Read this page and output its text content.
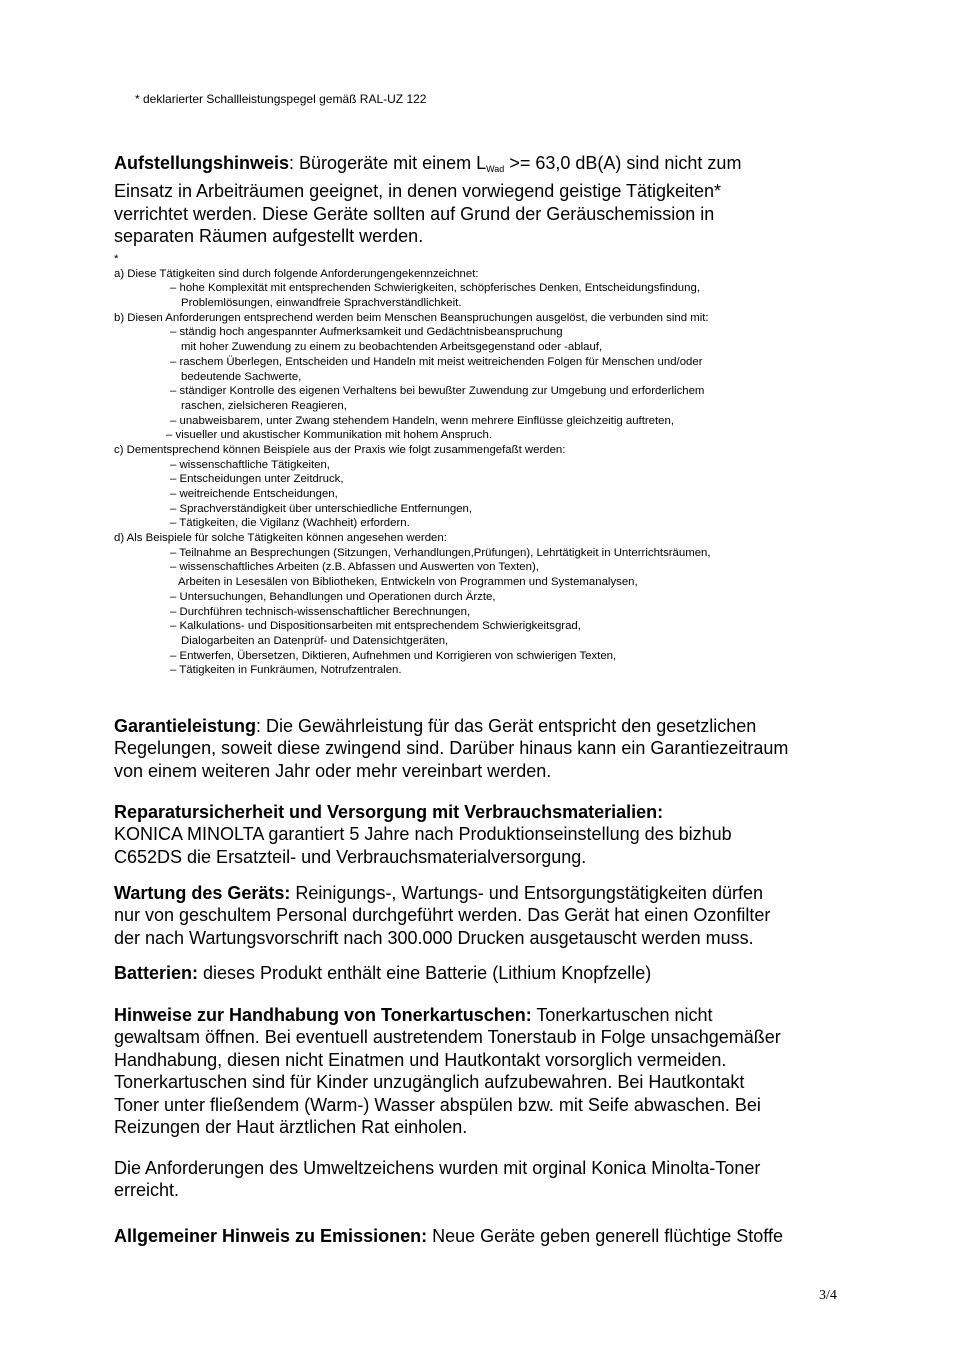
* deklarierter Schallleistungspegel gemäß RAL-UZ 122
Aufstellungshinweis: Bürogeräte mit einem $L_{Wad} >= 63,0$ dB(A) sind nicht zum
Einsatz in Arbeiträumen geeignet, in denen vorwiegend geistige Tätigkeiten*
verrichtet werden. Diese Geräte sollten auf Grund der Geräuschemission in
separaten Räumen aufgestellt werden.
*
a) Diese Tätigkeiten sind durch folgende Anforderungengekennzeichnet:
– hohe Komplexität mit entsprechenden Schwierigkeiten, schöpferisches Denken, Entscheidungsfindung,
Problemlösungen, einwandfreie Sprachverständlichkeit.
b) Diesen Anforderungen entsprechend werden beim Menschen Beanspruchungen ausgelöst, die verbunden sind mit:
– ständig hoch angespannter Aufmerksamkeit und Gedächtnisbeanspruchung
mit hoher Zuwendung zu einem zu beobachtenden Arbeitsgegenstand oder -ablauf,
– raschem Überlegen, Entscheiden und Handeln mit meist weitreichenden Folgen für Menschen und/oder
bedeutende Sachwerte,
– ständiger Kontrolle des eigenen Verhaltens bei bewußter Zuwendung zur Umgebung und erforderlichem
raschen, zielsicheren Reagieren,
– unabweisbarem, unter Zwang stehendem Handeln, wenn mehrere Einflüsse gleichzeitig auftreten,
– visueller und akustischer Kommunikation mit hohem Anspruch.
c) Dementsprechend können Beispiele aus der Praxis wie folgt zusammengefaßt werden:
– wissenschaftliche Tätigkeiten,
– Entscheidungen unter Zeitdruck,
– weitreichende Entscheidungen,
– Sprachverständigkeit über unterschiedliche Entfernungen,
– Tätigkeiten, die Vigilanz (Wachheit) erfordern.
d) Als Beispiele für solche Tätigkeiten können angesehen werden:
– Teilnahme an Besprechungen (Sitzungen, Verhandlungen,Prüfungen), Lehrtätigkeit in Unterrichtsräumen,
– wissenschaftliches Arbeiten (z.B. Abfassen und Auswerten von Texten),
Arbeiten in Lesesälen von Bibliotheken, Entwickeln von Programmen und Systemanalysen,
– Untersuchungen, Behandlungen und Operationen durch Ärzte,
– Durchführen technisch-wissenschaftlicher Berechnungen,
– Kalkulations- und Dispositionsarbeiten mit entsprechendem Schwierigkeitsgrad,
Dialogarbeiten an Datenprüf- und Datensichtgeräten,
– Entwerfen, Übersetzen, Diktieren, Aufnehmen und Korrigieren von schwierigen Texten,
– Tätigkeiten in Funkräumen, Notrufzentralen.
Garantieleistung: Die Gewährleistung für das Gerät entspricht den gesetzlichen
Regelungen, soweit diese zwingend sind. Darüber hinaus kann ein Garantiezeitraum
von einem weiteren Jahr oder mehr vereinbart werden.
Reparatursicherheit und Versorgung mit Verbrauchsmaterialien:
KONICA MINOLTA garantiert 5 Jahre nach Produktionseinstellung des bizhub
C652DS die Ersatzteil- und Verbrauchsmaterialversorgung.
Wartung des Geräts: Reinigungs-, Wartungs- und Entsorgungstätigkeiten dürfen
nur von geschultem Personal durchgeführt werden. Das Gerät hat einen Ozonfilter
der nach Wartungsvorschrift nach 300.000 Drucken ausgetauscht werden muss.
Batterien: dieses Produkt enthält eine Batterie (Lithium Knopfzelle)
Hinweise zur Handhabung von Tonerkartuschen: Tonerkartuschen nicht
gewaltsam öffnen. Bei eventuell austretendem Tonerstaub in Folge unsachgemäßer
Handhabung, diesen nicht Einatmen und Hautkontakt vorsorglich vermeiden.
Tonerkartuschen sind für Kinder unzugänglich aufzubewahren. Bei Hautkontakt
Toner unter fließendem (Warm-) Wasser abspülen bzw. mit Seife abwaschen. Bei
Reizungen der Haut ärztlichen Rat einholen.
Die Anforderungen des Umweltzeichens wurden mit orginal Konica Minolta-Toner
erreicht.
Allgemeiner Hinweis zu Emissionen: Neue Geräte geben generell flüchtige Stoffe
3/4
